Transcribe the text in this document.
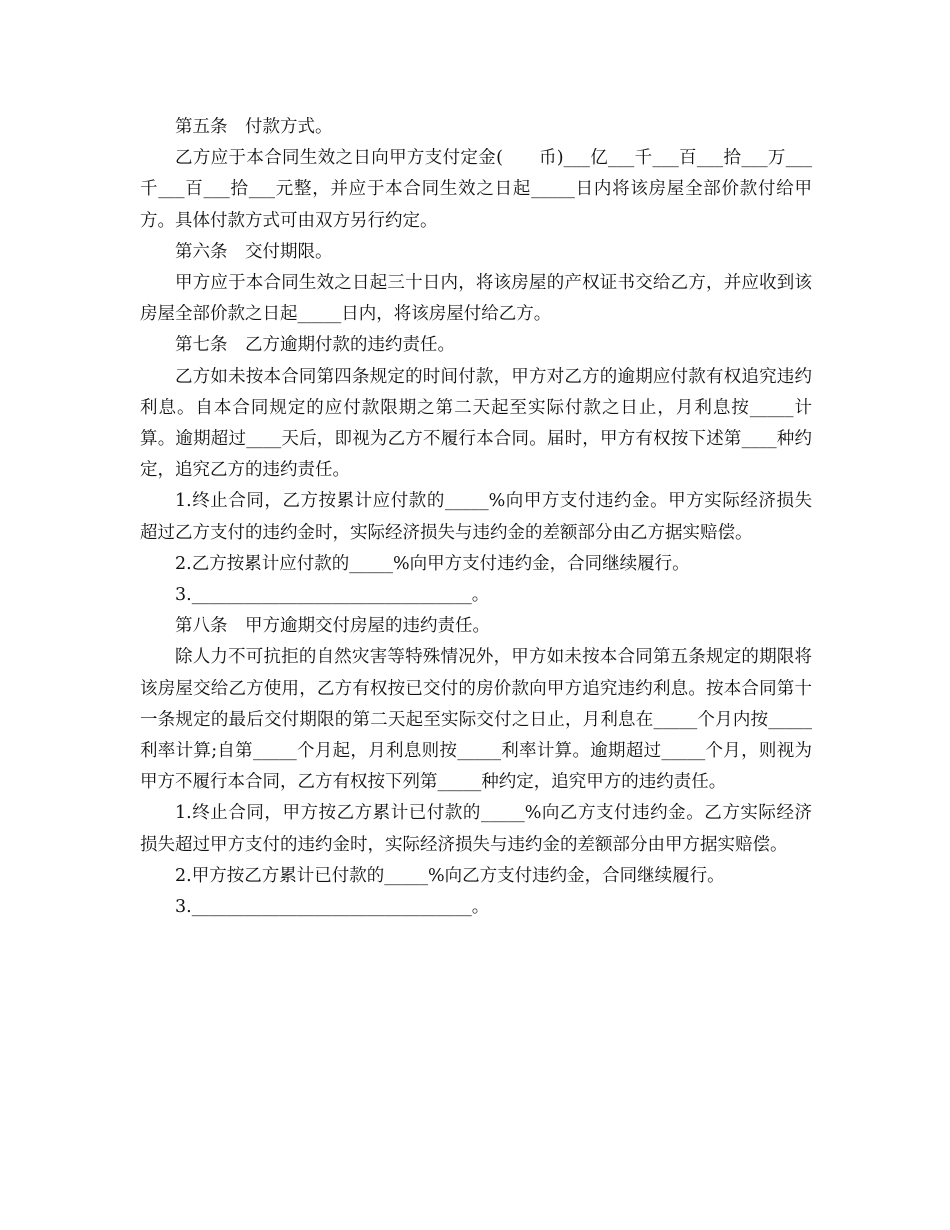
第五条　付款方式。

乙方应于本合同生效之日向甲方支付定金(　　币)___亿___千___百___拾___万___千___百___拾___元整，并应于本合同生效之日起_____日内将该房屋全部价款付给甲方。具体付款方式可由双方另行约定。

第六条　交付期限。

甲方应于本合同生效之日起三十日内，将该房屋的产权证书交给乙方，并应收到该房屋全部价款之日起_____日内，将该房屋付给乙方。

第七条　乙方逾期付款的违约责任。

乙方如未按本合同第四条规定的时间付款，甲方对乙方的逾期应付款有权追究违约利息。自本合同规定的应付款限期之第二天起至实际付款之日止，月利息按_____计算。逾期超过____天后，即视为乙方不履行本合同。届时，甲方有权按下述第____种约定，追究乙方的违约责任。

1.终止合同，乙方按累计应付款的_____%向甲方支付违约金。甲方实际经济损失超过乙方支付的违约金时，实际经济损失与违约金的差额部分由乙方据实赔偿。

2.乙方按累计应付款的_____%向甲方支付违约金，合同继续履行。

3.________________________________。

第八条　甲方逾期交付房屋的违约责任。

除人力不可抗拒的自然灾害等特殊情况外，甲方如未按本合同第五条规定的期限将该房屋交给乙方使用，乙方有权按已交付的房价款向甲方追究违约利息。按本合同第十一条规定的最后交付期限的第二天起至实际交付之日止，月利息在_____个月内按_____利率计算;自第_____个月起，月利息则按_____利率计算。逾期超过_____个月，则视为甲方不履行本合同，乙方有权按下列第_____种约定，追究甲方的违约责任。

1.终止合同，甲方按乙方累计已付款的_____%向乙方支付违约金。乙方实际经济损失超过甲方支付的违约金时，实际经济损失与违约金的差额部分由甲方据实赔偿。

2.甲方按乙方累计已付款的_____%向乙方支付违约金，合同继续履行。

3.________________________________。
